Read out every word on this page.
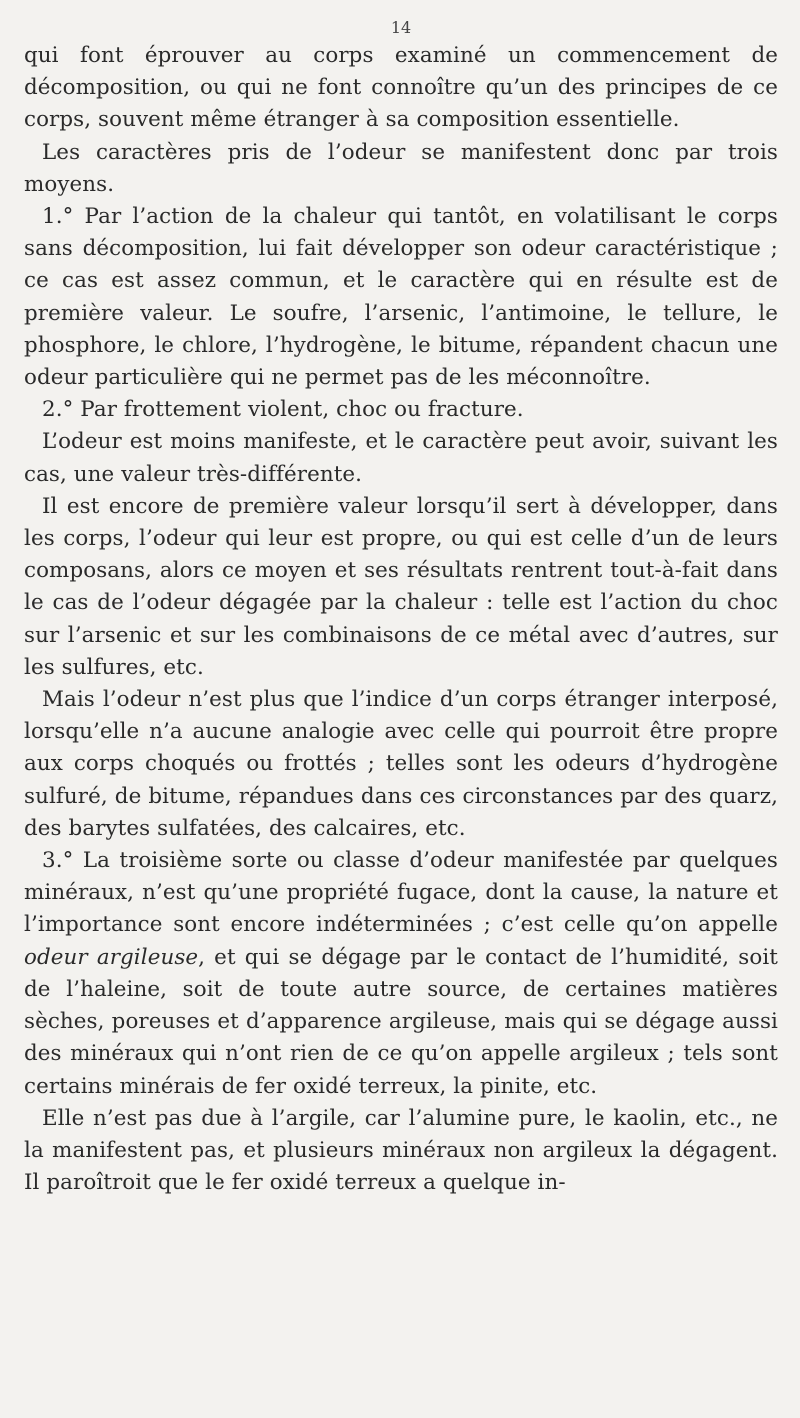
14

qui font éprouver au corps examiné un commencement de décomposition, ou qui ne font connoître qu’un des principes de ce corps, souvent même étranger à sa composition essentielle.

Les caractères pris de l’odeur se manifestent donc par trois moyens.

1.° Par l’action de la chaleur qui tantôt, en volatilisant le corps sans décomposition, lui fait développer son odeur caractéristique ; ce cas est assez commun, et le caractère qui en résulte est de première valeur. Le soufre, l’arsenic, l’antimoine, le tellure, le phosphore, le chlore, l’hydrogène, le bitume, répandent chacun une odeur particulière qui ne permet pas de les méconnoître.

2.° Par frottement violent, choc ou fracture.

L’odeur est moins manifeste, et le caractère peut avoir, suivant les cas, une valeur très-différente.

Il est encore de première valeur lorsqu’il sert à développer, dans les corps, l’odeur qui leur est propre, ou qui est celle d’un de leurs composans, alors ce moyen et ses résultats rentrent tout-à-fait dans le cas de l’odeur dégagée par la chaleur : telle est l’action du choc sur l’arsenic et sur les combinaisons de ce métal avec d’autres, sur les sulfures, etc.

Mais l’odeur n’est plus que l’indice d’un corps étranger interposé, lorsqu’elle n’a aucune analogie avec celle qui pourroit être propre aux corps choqués ou frottés ; telles sont les odeurs d’hydrogène sulfuré, de bitume, répandues dans ces circonstances par des quarz, des barytes sulfatées, des calcaires, etc.

3.° La troisième sorte ou classe d’odeur manifestée par quelques minéraux, n’est qu’une propriété fugace, dont la cause, la nature et l’importance sont encore indéterminées ; c’est celle qu’on appelle odeur argileuse, et qui se dégage par le contact de l’humidité, soit de l’haleine, soit de toute autre source, de certaines matières sèches, poreuses et d’apparence argileuse, mais qui se dégage aussi des minéraux qui n’ont rien de ce qu’on appelle argileux ; tels sont certains minérais de fer oxidé terreux, la pinite, etc.

Elle n’est pas due à l’argile, car l’alumine pure, le kaolin, etc., ne la manifestent pas, et plusieurs minéraux non argileux la dégagent. Il paroîtroit que le fer oxidé terreux a quelque in-
